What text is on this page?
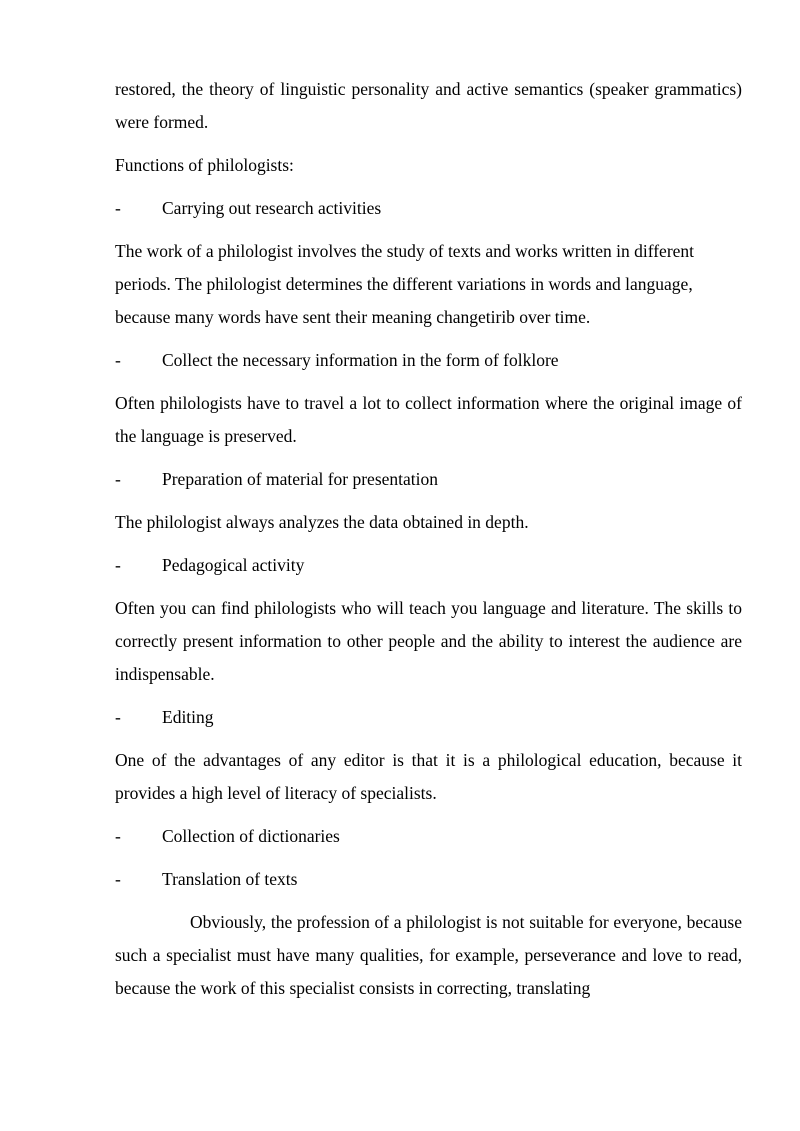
restored, the theory of linguistic personality and active semantics (speaker grammatics) were formed.

Functions of philologists:

-	Carrying out research activities

The work of a philologist involves the study of texts and works written in different periods. The philologist determines the different variations in words and language, because many words have sent their meaning changetirib over time.

-	Collect the necessary information in the form of folklore

Often philologists have to travel a lot to collect information where the original image of the language is preserved.

-	Preparation of material for presentation

The philologist always analyzes the data obtained in depth.

-	Pedagogical activity

Often you can find philologists who will teach you language and literature. The skills to correctly present information to other people and the ability to interest the audience are indispensable.

-	Editing

One of the advantages of any editor is that it is a philological education, because it provides a high level of literacy of specialists.

-	Collection of dictionaries
-	Translation of texts

Obviously, the profession of a philologist is not suitable for everyone, because such a specialist must have many qualities, for example, perseverance and love to read, because the work of this specialist consists in correcting, translating
